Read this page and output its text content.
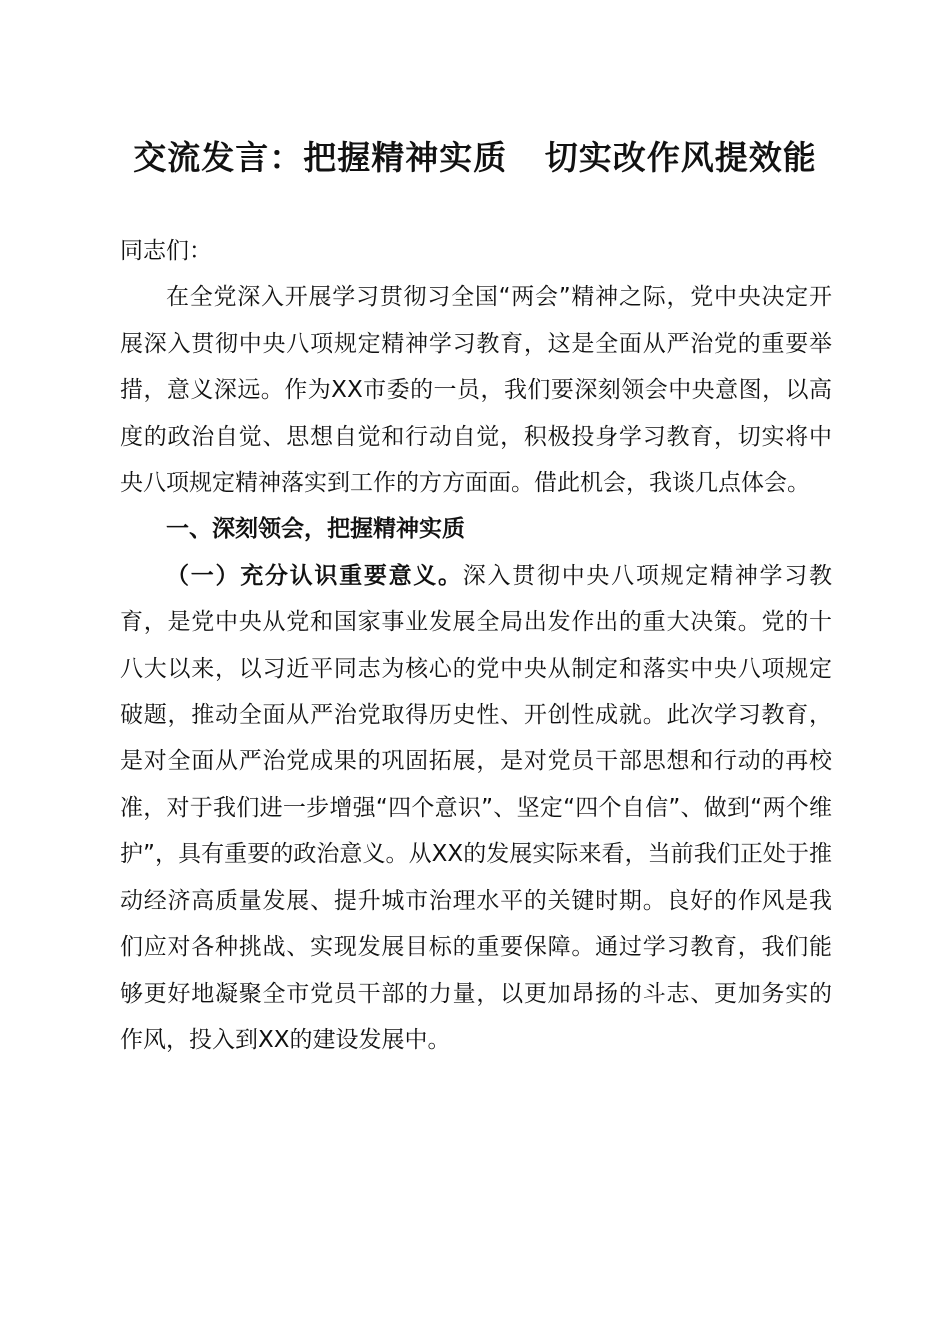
交流发言：把握精神实质   切实改作风提效能

同志们：

在全党深入开展学习贯彻习全国“两会”精神之际，党中央决定开展深入贯彻中央八项规定精神学习教育，这是全面从严治党的重要举措，意义深远。作为XX市委的一员，我们要深刻领会中央意图，以高度的政治自觉、思想自觉和行动自觉，积极投身学习教育，切实将中央八项规定精神落实到工作的方方面面。借此机会，我谈几点体会。

一、深刻领会，把握精神实质

（一）充分认识重要意义。深入贯彻中央八项规定精神学习教育，是党中央从党和国家事业发展全局出发作出的重大决策。党的十八大以来，以习近平同志为核心的党中央从制定和落实中央八项规定破题，推动全面从严治党取得历史性、开创性成就。此次学习教育，是对全面从严治党成果的巩固拓展，是对党员干部思想和行动的再校准，对于我们进一步增强“四个意识”、坚定“四个自信”、做到“两个维护”，具有重要的政治意义。从XX的发展实际来看，当前我们正处于推动经济高质量发展、提升城市治理水平的关键时期。良好的作风是我们应对各种挑战、实现发展目标的重要保障。通过学习教育，我们能够更好地凝聚全市党员干部的力量，以更加昂扬的斗志、更加务实的作风，投入到XX的建设发展中。
